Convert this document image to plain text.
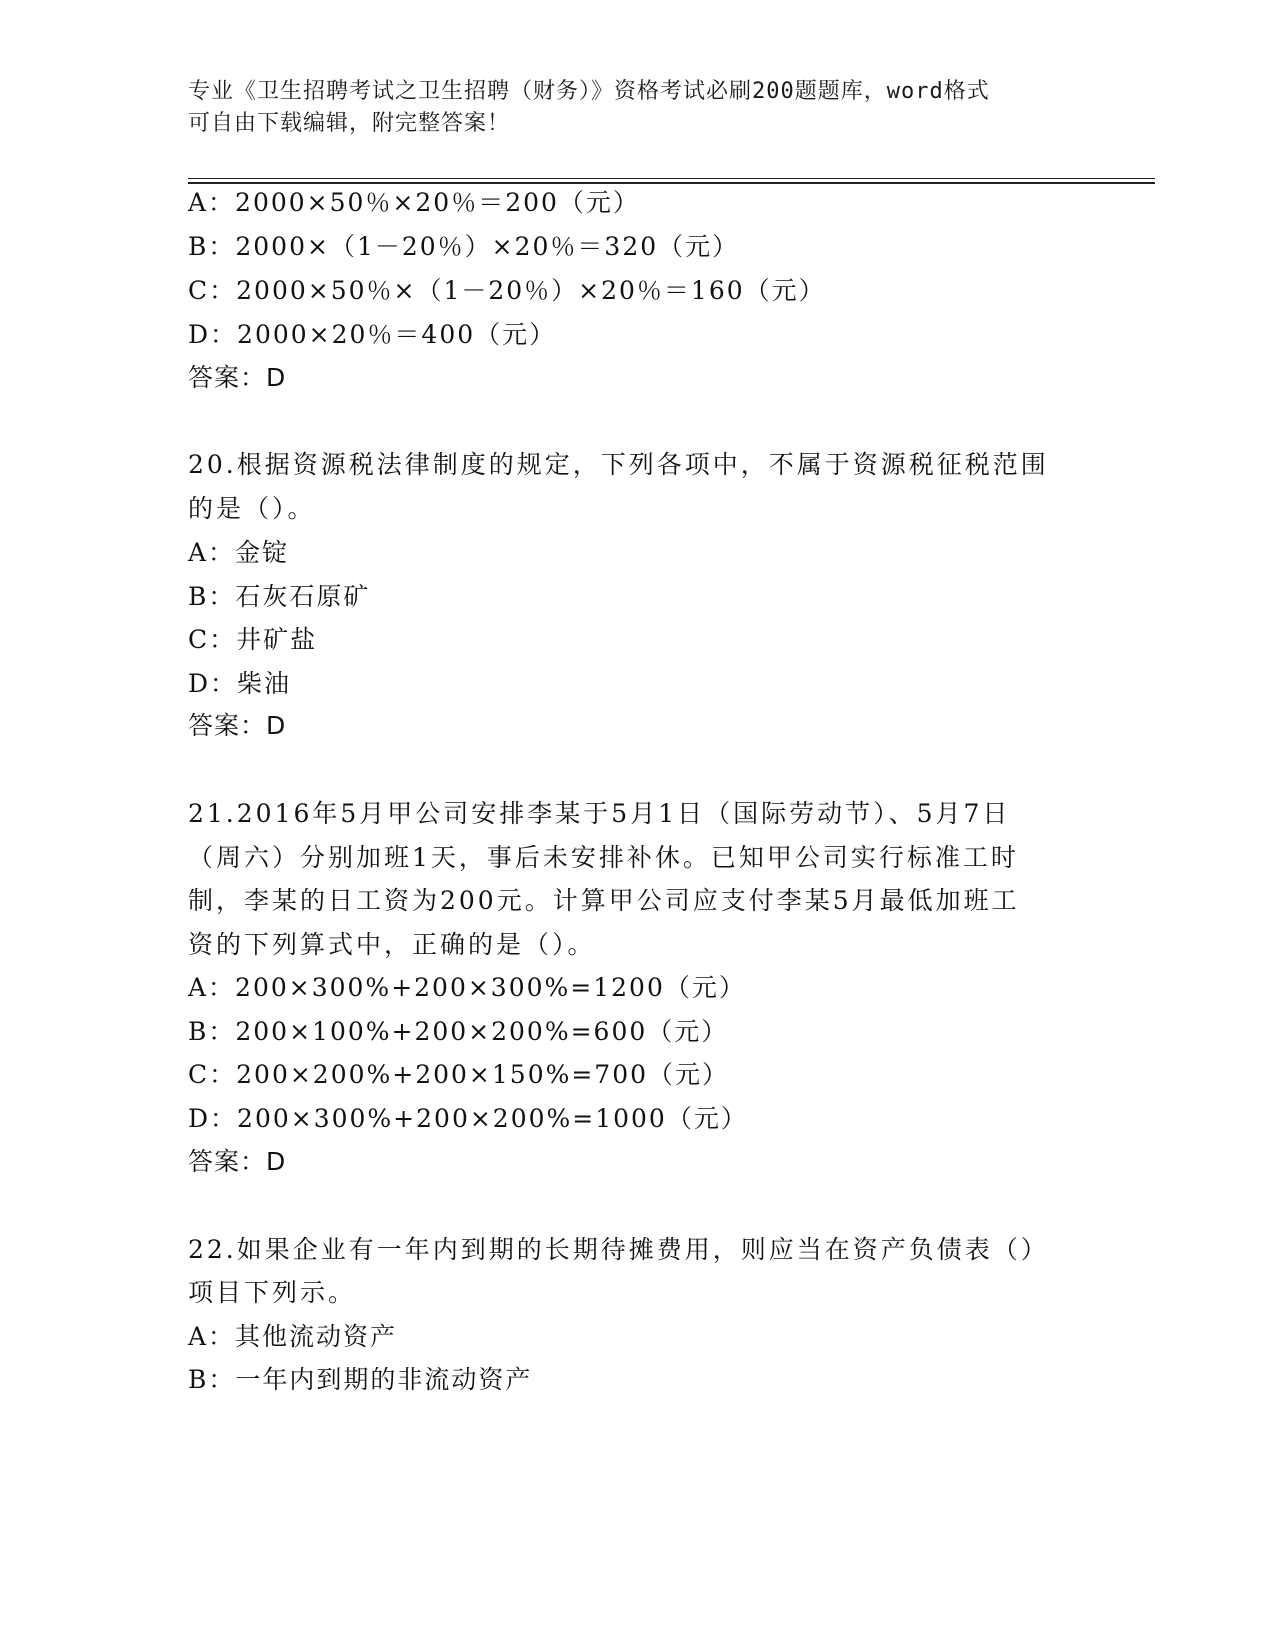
专业《卫生招聘考试之卫生招聘（财务）》资格考试必刷200题题库，word格式
可自由下载编辑，附完整答案！
A：2000×50％×20％＝200（元）
B：2000×（1－20％）×20％＝320（元）
C：2000×50％×（1－20％）×20％＝160（元）
D：2000×20％＝400（元）
答案：D
20.根据资源税法律制度的规定，下列各项中，不属于资源税征税范围
的是（）。
A：金锭
B：石灰石原矿
C：井矿盐
D：柴油
答案：D
21.2016年5月甲公司安排李某于5月1日（国际劳动节）、5月7日
（周六）分别加班1天，事后未安排补休。已知甲公司实行标准工时
制，李某的日工资为200元。计算甲公司应支付李某5月最低加班工
资的下列算式中，正确的是（）。
A：200×300%+200×300%=1200（元）
B：200×100%+200×200%=600（元）
C：200×200%+200×150%=700（元）
D：200×300%+200×200%=1000（元）
答案：D
22.如果企业有一年内到期的长期待摊费用，则应当在资产负债表（）
项目下列示。
A：其他流动资产
B：一年内到期的非流动资产
